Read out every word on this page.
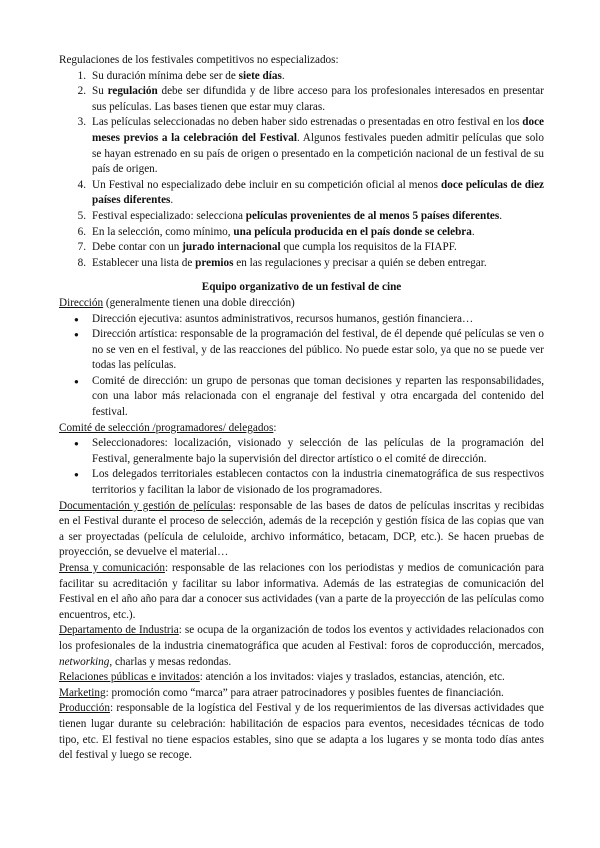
Regulaciones de los festivales competitivos no especializados:

1. Su duración mínima debe ser de siete días.
2. Su regulación debe ser difundida y de libre acceso para los profesionales interesados en presentar sus películas. Las bases tienen que estar muy claras.
3. Las películas seleccionadas no deben haber sido estrenadas o presentadas en otro festival en los doce meses previos a la celebración del Festival. Algunos festivales pueden admitir películas que solo se hayan estrenado en su país de origen o presentado en la competición nacional de un festival de su país de origen.
4. Un Festival no especializado debe incluir en su competición oficial al menos doce películas de diez países diferentes.
5. Festival especializado: selecciona películas provenientes de al menos 5 países diferentes.
6. En la selección, como mínimo, una película producida en el país donde se celebra.
7. Debe contar con un jurado internacional que cumpla los requisitos de la FIAPF.
8. Establecer una lista de premios en las regulaciones y precisar a quién se deben entregar.

Equipo organizativo de un festival de cine

Dirección (generalmente tienen una doble dirección)

● Dirección ejecutiva: asuntos administrativos, recursos humanos, gestión financiera…
● Dirección artística: responsable de la programación del festival, de él depende qué películas se ven o no se ven en el festival, y de las reacciones del público. No puede estar solo, ya que no se puede ver todas las películas.
● Comité de dirección: un grupo de personas que toman decisiones y reparten las responsabilidades, con una labor más relacionada con el engranaje del festival y otra encargada del contenido del festival.

Comité de selección /programadores/ delegados:

● Seleccionadores: localización, visionado y selección de las películas de la programación del Festival, generalmente bajo la supervisión del director artístico o el comité de dirección.
● Los delegados territoriales establecen contactos con la industria cinematográfica de sus respectivos territorios y facilitan la labor de visionado de los programadores.

Documentación y gestión de películas: responsable de las bases de datos de películas inscritas y recibidas en el Festival durante el proceso de selección, además de la recepción y gestión física de las copias que van a ser proyectadas (película de celuloide, archivo informático, betacam, DCP, etc.). Se hacen pruebas de proyección, se devuelve el material…

Prensa y comunicación: responsable de las relaciones con los periodistas y medios de comunicación para facilitar su acreditación y facilitar su labor informativa. Además de las estrategias de comunicación del Festival en el año año para dar a conocer sus actividades (van a parte de la proyección de las películas como encuentros, etc.).

Departamento de Industria: se ocupa de la organización de todos los eventos y actividades relacionados con los profesionales de la industria cinematográfica que acuden al Festival: foros de coproducción, mercados, networking, charlas y mesas redondas.

Relaciones públicas e invitados: atención a los invitados: viajes y traslados, estancias, atención, etc.

Marketing: promoción como “marca” para atraer patrocinadores y posibles fuentes de financiación.

Producción: responsable de la logística del Festival y de los requerimientos de las diversas actividades que tienen lugar durante su celebración: habilitación de espacios para eventos, necesidades técnicas de todo tipo, etc. El festival no tiene espacios estables, sino que se adapta a los lugares y se monta todo días antes del festival y luego se recoge.
